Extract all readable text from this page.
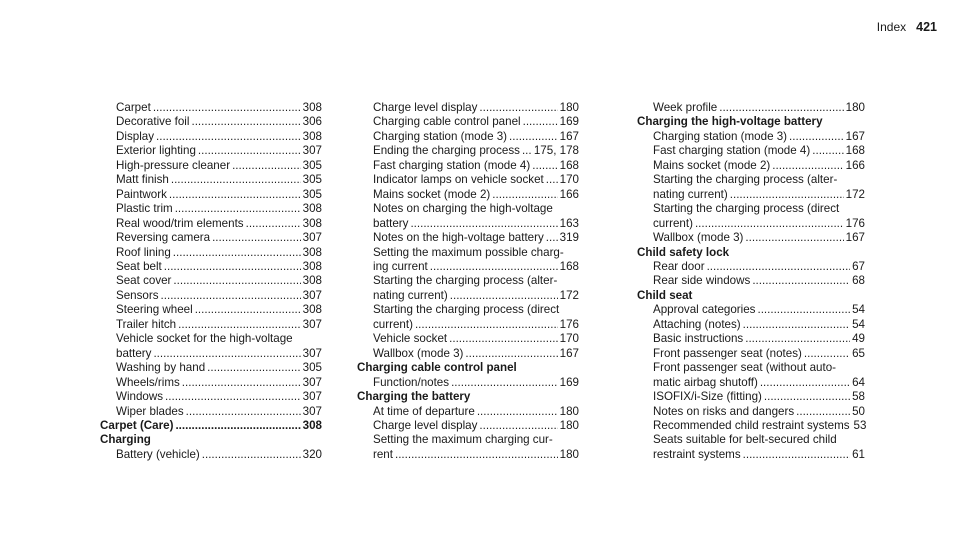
Index 421
Carpet .....	308
Decorative foil .....	306
Display .....	308
Exterior lighting .....	307
High-pressure cleaner .....	305
Matt finish .....	305
Paintwork .....	305
Plastic trim .....	308
Real wood/trim elements .....	308
Reversing camera .....	307
Roof lining .....	308
Seat belt .....	308
Seat cover .....	308
Sensors .....	307
Steering wheel .....	308
Trailer hitch .....	307
Vehicle socket for the high-voltage
battery .....	307
Washing by hand .....	305
Wheels/rims .....	307
Windows .....	307
Wiper blades .....	307
Carpet (Care) .....	308
Charging
Battery (vehicle) .....	320
Charge level display .....	180
Charging cable control panel .....	169
Charging station (mode 3) .....	167
Ending the charging process ..... 175, 178
Fast charging station (mode 4) .....	168
Indicator lamps on vehicle socket ..... 170
Mains socket (mode 2) .....	166
Notes on charging the high-voltage
battery .....	163
Notes on the high-voltage battery ..... 319
Setting the maximum possible charg-
ing current .....	168
Starting the charging process (alter-
nating current) .....	172
Starting the charging process (direct
current) .....	176
Vehicle socket .....	170
Wallbox (mode 3) .....	167
Charging cable control panel
Function/notes .....	169
Charging the battery
At time of departure .....	180
Charge level display .....	180
Setting the maximum charging cur-
rent .....	180
Week profile .....	180
Charging the high-voltage battery
Charging station (mode 3) .....	167
Fast charging station (mode 4) .....	168
Mains socket (mode 2) .....	166
Starting the charging process (alter-
nating current) .....	172
Starting the charging process (direct
current) .....	176
Wallbox (mode 3) .....	167
Child safety lock
Rear door .....	67
Rear side windows .....	68
Child seat
Approval categories .....	54
Attaching (notes) .....	54
Basic instructions .....	49
Front passenger seat (notes) .....	65
Front passenger seat (without auto-
matic airbag shutoff) .....	64
ISOFIX/i-Size (fitting) .....	58
Notes on risks and dangers .....	50
Recommended child restraint systems 53
Seats suitable for belt-secured child
restraint systems .....	61
